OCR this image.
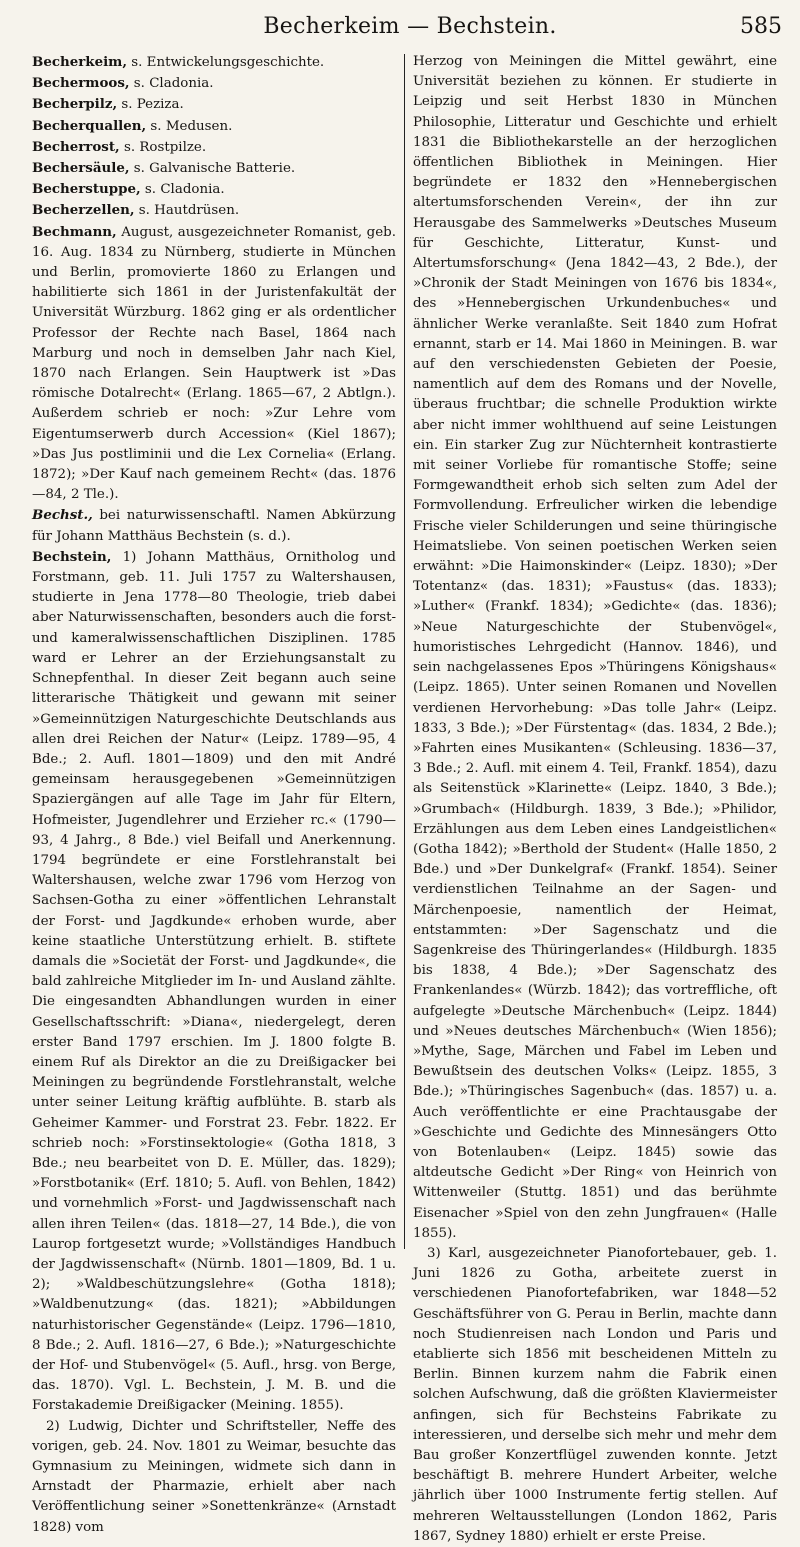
Becherkeim — Bechstein.	585

Becherkeim, s. Entwickelungsgeschichte.

Bechermoos, s. Cladonia.

Becherpilz, s. Peziza.

Becherquallen, s. Medusen.

Becherrost, s. Rostpilze.

Bechersäule, s. Galvanische Batterie.

Becherstuppe, s. Cladonia.

Becherzellen, s. Hautdrüsen.

Bechmann, August, ausgezeichneter Romanist, geb. 16. Aug. 1834 zu Nürnberg, studierte in München und Berlin, promovierte 1860 zu Erlangen und habilitierte sich 1861 in der Juristenfakultät der Universität Würzburg. 1862 ging er als ordentlicher Professor der Rechte nach Basel, 1864 nach Marburg und noch in demselben Jahr nach Kiel, 1870 nach Erlangen. Sein Hauptwerk ist »Das römische Dotalrecht« (Erlang. 1865—67, 2 Abtlgn.). Außerdem schrieb er noch: »Zur Lehre vom Eigentumserwerb durch Accession« (Kiel 1867); »Das Jus postliminii und die Lex Cornelia« (Erlang. 1872); »Der Kauf nach gemeinem Recht« (das. 1876—84, 2 Tle.).

Bechst., bei naturwissenschaftl. Namen Abkürzung für Johann Matthäus Bechstein (s. d.).

Bechstein, 1) Johann Matthäus, Ornitholog und Forstmann, geb. 11. Juli 1757 zu Waltershausen, studierte in Jena 1778—80 Theologie, trieb dabei aber Naturwissenschaften, besonders auch die forst- und kameralwissenschaftlichen Disziplinen. 1785 ward er Lehrer an der Erziehungsanstalt zu Schnepfenthal. In dieser Zeit begann auch seine litterarische Thätigkeit und gewann mit seiner »Gemeinnützigen Naturgeschichte Deutschlands aus allen drei Reichen der Natur« (Leipz. 1789—95, 4 Bde.; 2. Aufl. 1801—1809) und den mit André gemeinsam herausgegebenen »Gemeinnützigen Spaziergängen auf alle Tage im Jahr für Eltern, Hofmeister, Jugendlehrer und Erzieher rc.« (1790—93, 4 Jahrg., 8 Bde.) viel Beifall und Anerkennung. 1794 begründete er eine Forstlehranstalt bei Waltershausen, welche zwar 1796 vom Herzog von Sachsen-Gotha zu einer »öffentlichen Lehranstalt der Forst- und Jagdkunde« erhoben wurde, aber keine staatliche Unterstützung erhielt. B. stiftete damals die »Societät der Forst- und Jagdkunde«, die bald zahlreiche Mitglieder im In- und Ausland zählte. Die eingesandten Abhandlungen wurden in einer Gesellschaftsschrift: »Diana«, niedergelegt, deren erster Band 1797 erschien. Im J. 1800 folgte B. einem Ruf als Direktor an die zu Dreißigacker bei Meiningen zu begründende Forstlehranstalt, welche unter seiner Leitung kräftig aufblühte. B. starb als Geheimer Kammer- und Forstrat 23. Febr. 1822. Er schrieb noch: »Forstinsektologie« (Gotha 1818, 3 Bde.; neu bearbeitet von D. E. Müller, das. 1829); »Forstbotanik« (Erf. 1810; 5. Aufl. von Behlen, 1842) und vornehmlich »Forst- und Jagdwissenschaft nach allen ihren Teilen« (das. 1818—27, 14 Bde.), die von Laurop fortgesetzt wurde; »Vollständiges Handbuch der Jagdwissenschaft« (Nürnb. 1801—1809, Bd. 1 u. 2); »Waldbeschützungslehre« (Gotha 1818); »Waldbenutzung« (das. 1821); »Abbildungen naturhistorischer Gegenstände« (Leipz. 1796—1810, 8 Bde.; 2. Aufl. 1816—27, 6 Bde.); »Naturgeschichte der Hof- und Stubenvögel« (5. Aufl., hrsg. von Berge, das. 1870). Vgl. L. Bechstein, J. M. B. und die Forstakademie Dreißigacker (Meining. 1855).

2) Ludwig, Dichter und Schriftsteller, Neffe des vorigen, geb. 24. Nov. 1801 zu Weimar, besuchte das Gymnasium zu Meiningen, widmete sich dann in Arnstadt der Pharmazie, erhielt aber nach Veröffentlichung seiner »Sonettenkränze« (Arnstadt 1828) vom

Herzog von Meiningen die Mittel gewährt, eine Universität beziehen zu können. Er studierte in Leipzig und seit Herbst 1830 in München Philosophie, Litteratur und Geschichte und erhielt 1831 die Bibliothekarstelle an der herzoglichen öffentlichen Bibliothek in Meiningen. Hier begründete er 1832 den »Hennebergischen altertumsforschenden Verein«, der ihn zur Herausgabe des Sammelwerks »Deutsches Museum für Geschichte, Litteratur, Kunst- und Altertumsforschung« (Jena 1842—43, 2 Bde.), der »Chronik der Stadt Meiningen von 1676 bis 1834«, des »Hennebergischen Urkundenbuches« und ähnlicher Werke veranlaßte. Seit 1840 zum Hofrat ernannt, starb er 14. Mai 1860 in Meiningen. B. war auf den verschiedensten Gebieten der Poesie, namentlich auf dem des Romans und der Novelle, überaus fruchtbar; die schnelle Produktion wirkte aber nicht immer wohlthuend auf seine Leistungen ein. Ein starker Zug zur Nüchternheit kontrastierte mit seiner Vorliebe für romantische Stoffe; seine Formgewandtheit erhob sich selten zum Adel der Formvollendung. Erfreulicher wirken die lebendige Frische vieler Schilderungen und seine thüringische Heimatsliebe. Von seinen poetischen Werken seien erwähnt: »Die Haimonskinder« (Leipz. 1830); »Der Totentanz« (das. 1831); »Faustus« (das. 1833); »Luther« (Frankf. 1834); »Gedichte« (das. 1836); »Neue Naturgeschichte der Stubenvögel«, humoristisches Lehrgedicht (Hannov. 1846), und sein nachgelassenes Epos »Thüringens Königshaus« (Leipz. 1865). Unter seinen Romanen und Novellen verdienen Hervorhebung: »Das tolle Jahr« (Leipz. 1833, 3 Bde.); »Der Fürstentag« (das. 1834, 2 Bde.); »Fahrten eines Musikanten« (Schleusing. 1836—37, 3 Bde.; 2. Aufl. mit einem 4. Teil, Frankf. 1854), dazu als Seitenstück »Klarinette« (Leipz. 1840, 3 Bde.); »Grumbach« (Hildburgh. 1839, 3 Bde.); »Philidor, Erzählungen aus dem Leben eines Landgeistlichen« (Gotha 1842); »Berthold der Student« (Halle 1850, 2 Bde.) und »Der Dunkelgraf« (Frankf. 1854). Seiner verdienstlichen Teilnahme an der Sagen- und Märchenpoesie, namentlich der Heimat, entstammten: »Der Sagenschatz und die Sagenkreise des Thüringerlandes« (Hildburgh. 1835 bis 1838, 4 Bde.); »Der Sagenschatz des Frankenlandes« (Würzb. 1842); das vortreffliche, oft aufgelegte »Deutsche Märchenbuch« (Leipz. 1844) und »Neues deutsches Märchenbuch« (Wien 1856); »Mythe, Sage, Märchen und Fabel im Leben und Bewußtsein des deutschen Volks« (Leipz. 1855, 3 Bde.); »Thüringisches Sagenbuch« (das. 1857) u. a. Auch veröffentlichte er eine Prachtausgabe der »Geschichte und Gedichte des Minnesängers Otto von Botenlauben« (Leipz. 1845) sowie das altdeutsche Gedicht »Der Ring« von Heinrich von Wittenweiler (Stuttg. 1851) und das berühmte Eisenacher »Spiel von den zehn Jungfrauen« (Halle 1855).

3) Karl, ausgezeichneter Pianofortebauer, geb. 1. Juni 1826 zu Gotha, arbeitete zuerst in verschiedenen Pianofortefabriken, war 1848—52 Geschäftsführer von G. Perau in Berlin, machte dann noch Studienreisen nach London und Paris und etablierte sich 1856 mit bescheidenen Mitteln zu Berlin. Binnen kurzem nahm die Fabrik einen solchen Aufschwung, daß die größten Klaviermeister anfingen, sich für Bechsteins Fabrikate zu interessieren, und derselbe sich mehr und mehr dem Bau großer Konzertflügel zuwenden konnte. Jetzt beschäftigt B. mehrere Hundert Arbeiter, welche jährlich über 1000 Instrumente fertig stellen. Auf mehreren Weltausstellungen (London 1862, Paris 1867, Sydney 1880) erhielt er erste Preise.
